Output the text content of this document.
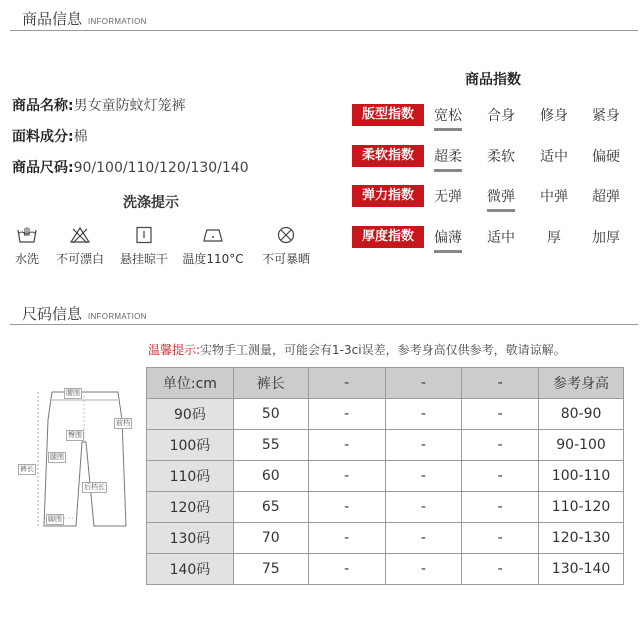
商品信息 INFORMATION
商品名称:男女童防蚊灯笼裤
面料成分:棉
商品尺码:90/100/110/120/130/140
洗涤提示
水洗	不可漂白	悬挂晾干	温度110°C	不可暴晒
商品指数
版型指数	宽松	合身	修身	紧身
柔软指数	超柔	柔软	适中	偏硬
弹力指数	无弹	微弹	中弹	超弹
厚度指数	偏薄	适中	厚	加厚
尺码信息 INFORMATION
温馨提示:实物手工测量，可能会有1-3ci误差，参考身高仅供参考，敬请谅解。
腰围
前档
臀围
腿围
裤长
后档长
脚围
单位:cm	裤长	-	-	-	参考身高
90码	50	-	-	-	80-90
100码	55	-	-	-	90-100
110码	60	-	-	-	100-110
120码	65	-	-	-	110-120
130码	70	-	-	-	120-130
140码	75	-	-	-	130-140
